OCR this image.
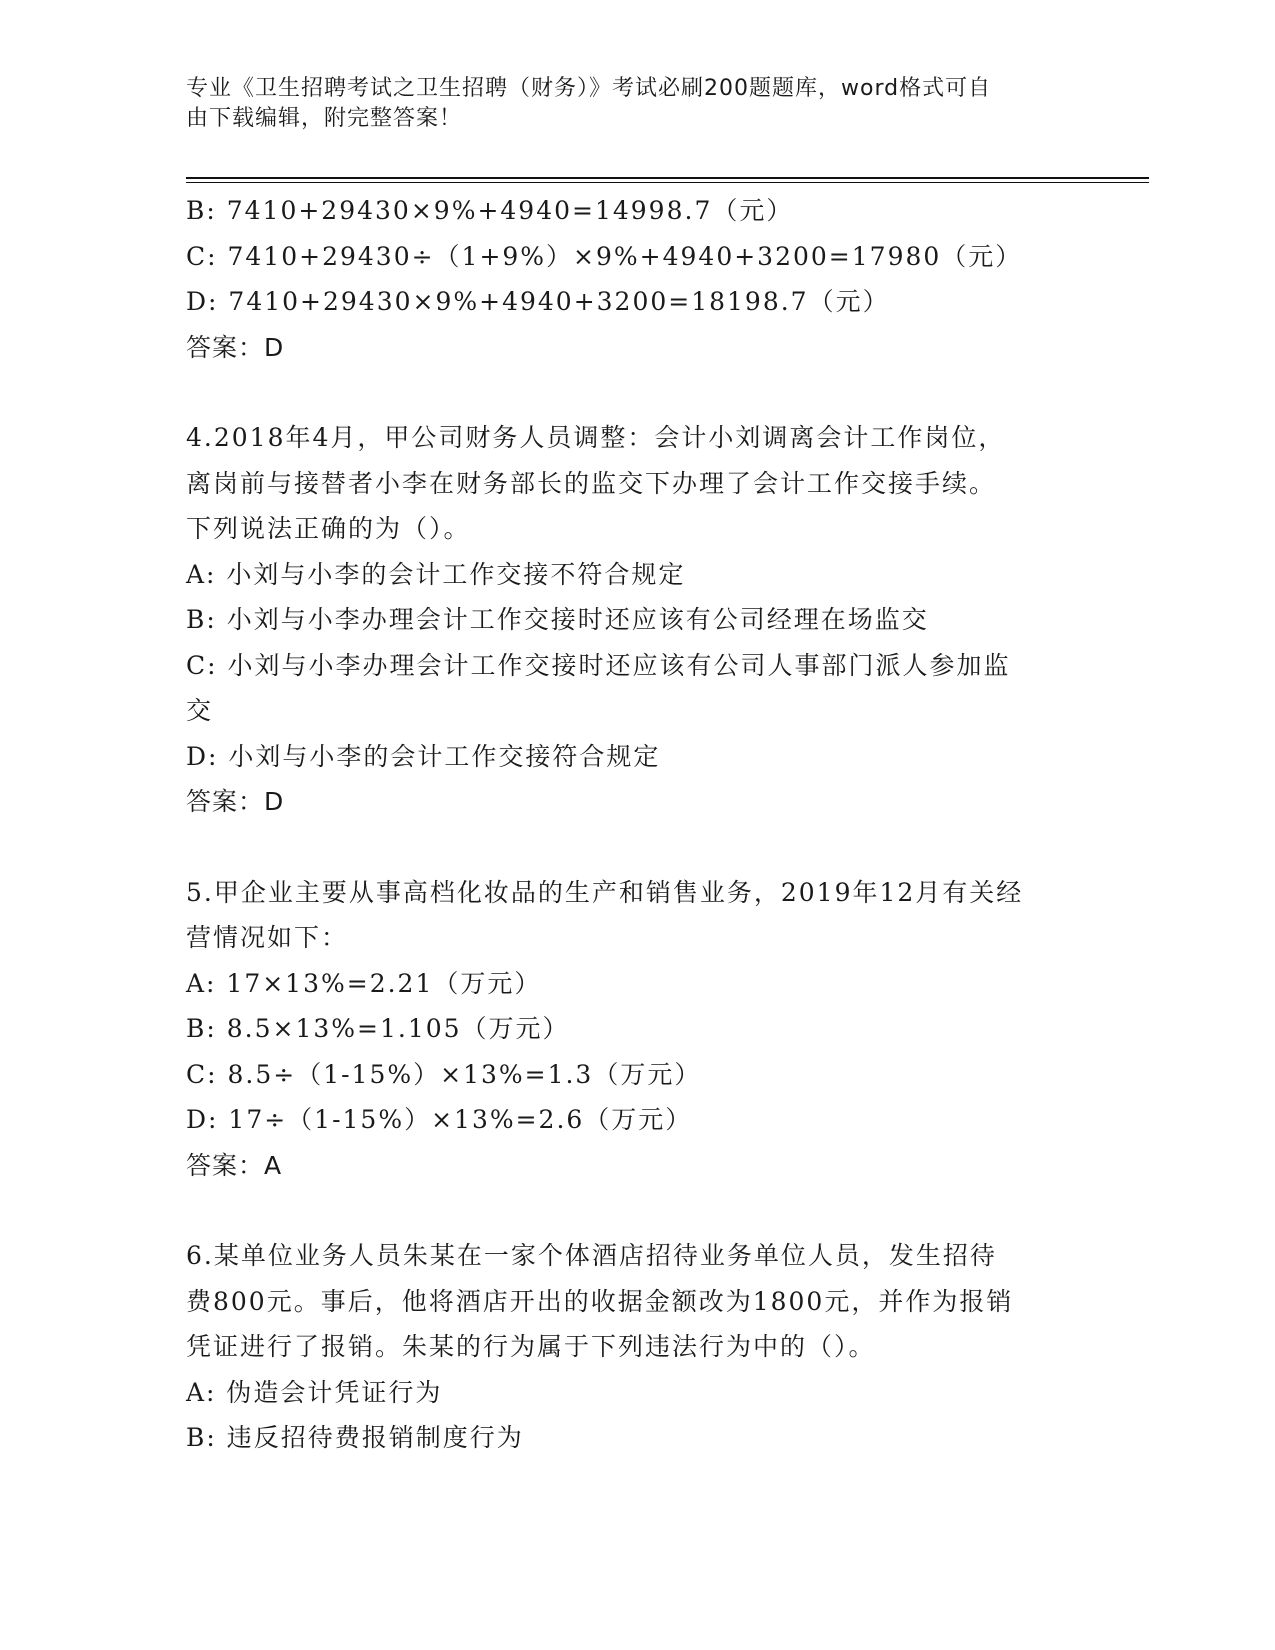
专业《卫生招聘考试之卫生招聘（财务）》考试必刷200题题库，word格式可自
由下载编辑，附完整答案！
B: 7410+29430×9%+4940=14998.7（元）
C: 7410+29430÷（1+9%）×9%+4940+3200=17980（元）
D: 7410+29430×9%+4940+3200=18198.7（元）
答案：D
4.2018年4月，甲公司财务人员调整：会计小刘调离会计工作岗位，
离岗前与接替者小李在财务部长的监交下办理了会计工作交接手续。
下列说法正确的为（）。
A: 小刘与小李的会计工作交接不符合规定
B: 小刘与小李办理会计工作交接时还应该有公司经理在场监交
C: 小刘与小李办理会计工作交接时还应该有公司人事部门派人参加监
交
D: 小刘与小李的会计工作交接符合规定
答案：D
5.甲企业主要从事高档化妆品的生产和销售业务，2019年12月有关经
营情况如下：
A: 17×13%=2.21（万元）
B: 8.5×13%=1.105（万元）
C: 8.5÷（1-15%）×13%=1.3（万元）
D: 17÷（1-15%）×13%=2.6（万元）
答案：A
6.某单位业务人员朱某在一家个体酒店招待业务单位人员，发生招待
费800元。事后，他将酒店开出的收据金额改为1800元，并作为报销
凭证进行了报销。朱某的行为属于下列违法行为中的（）。
A: 伪造会计凭证行为
B: 违反招待费报销制度行为
